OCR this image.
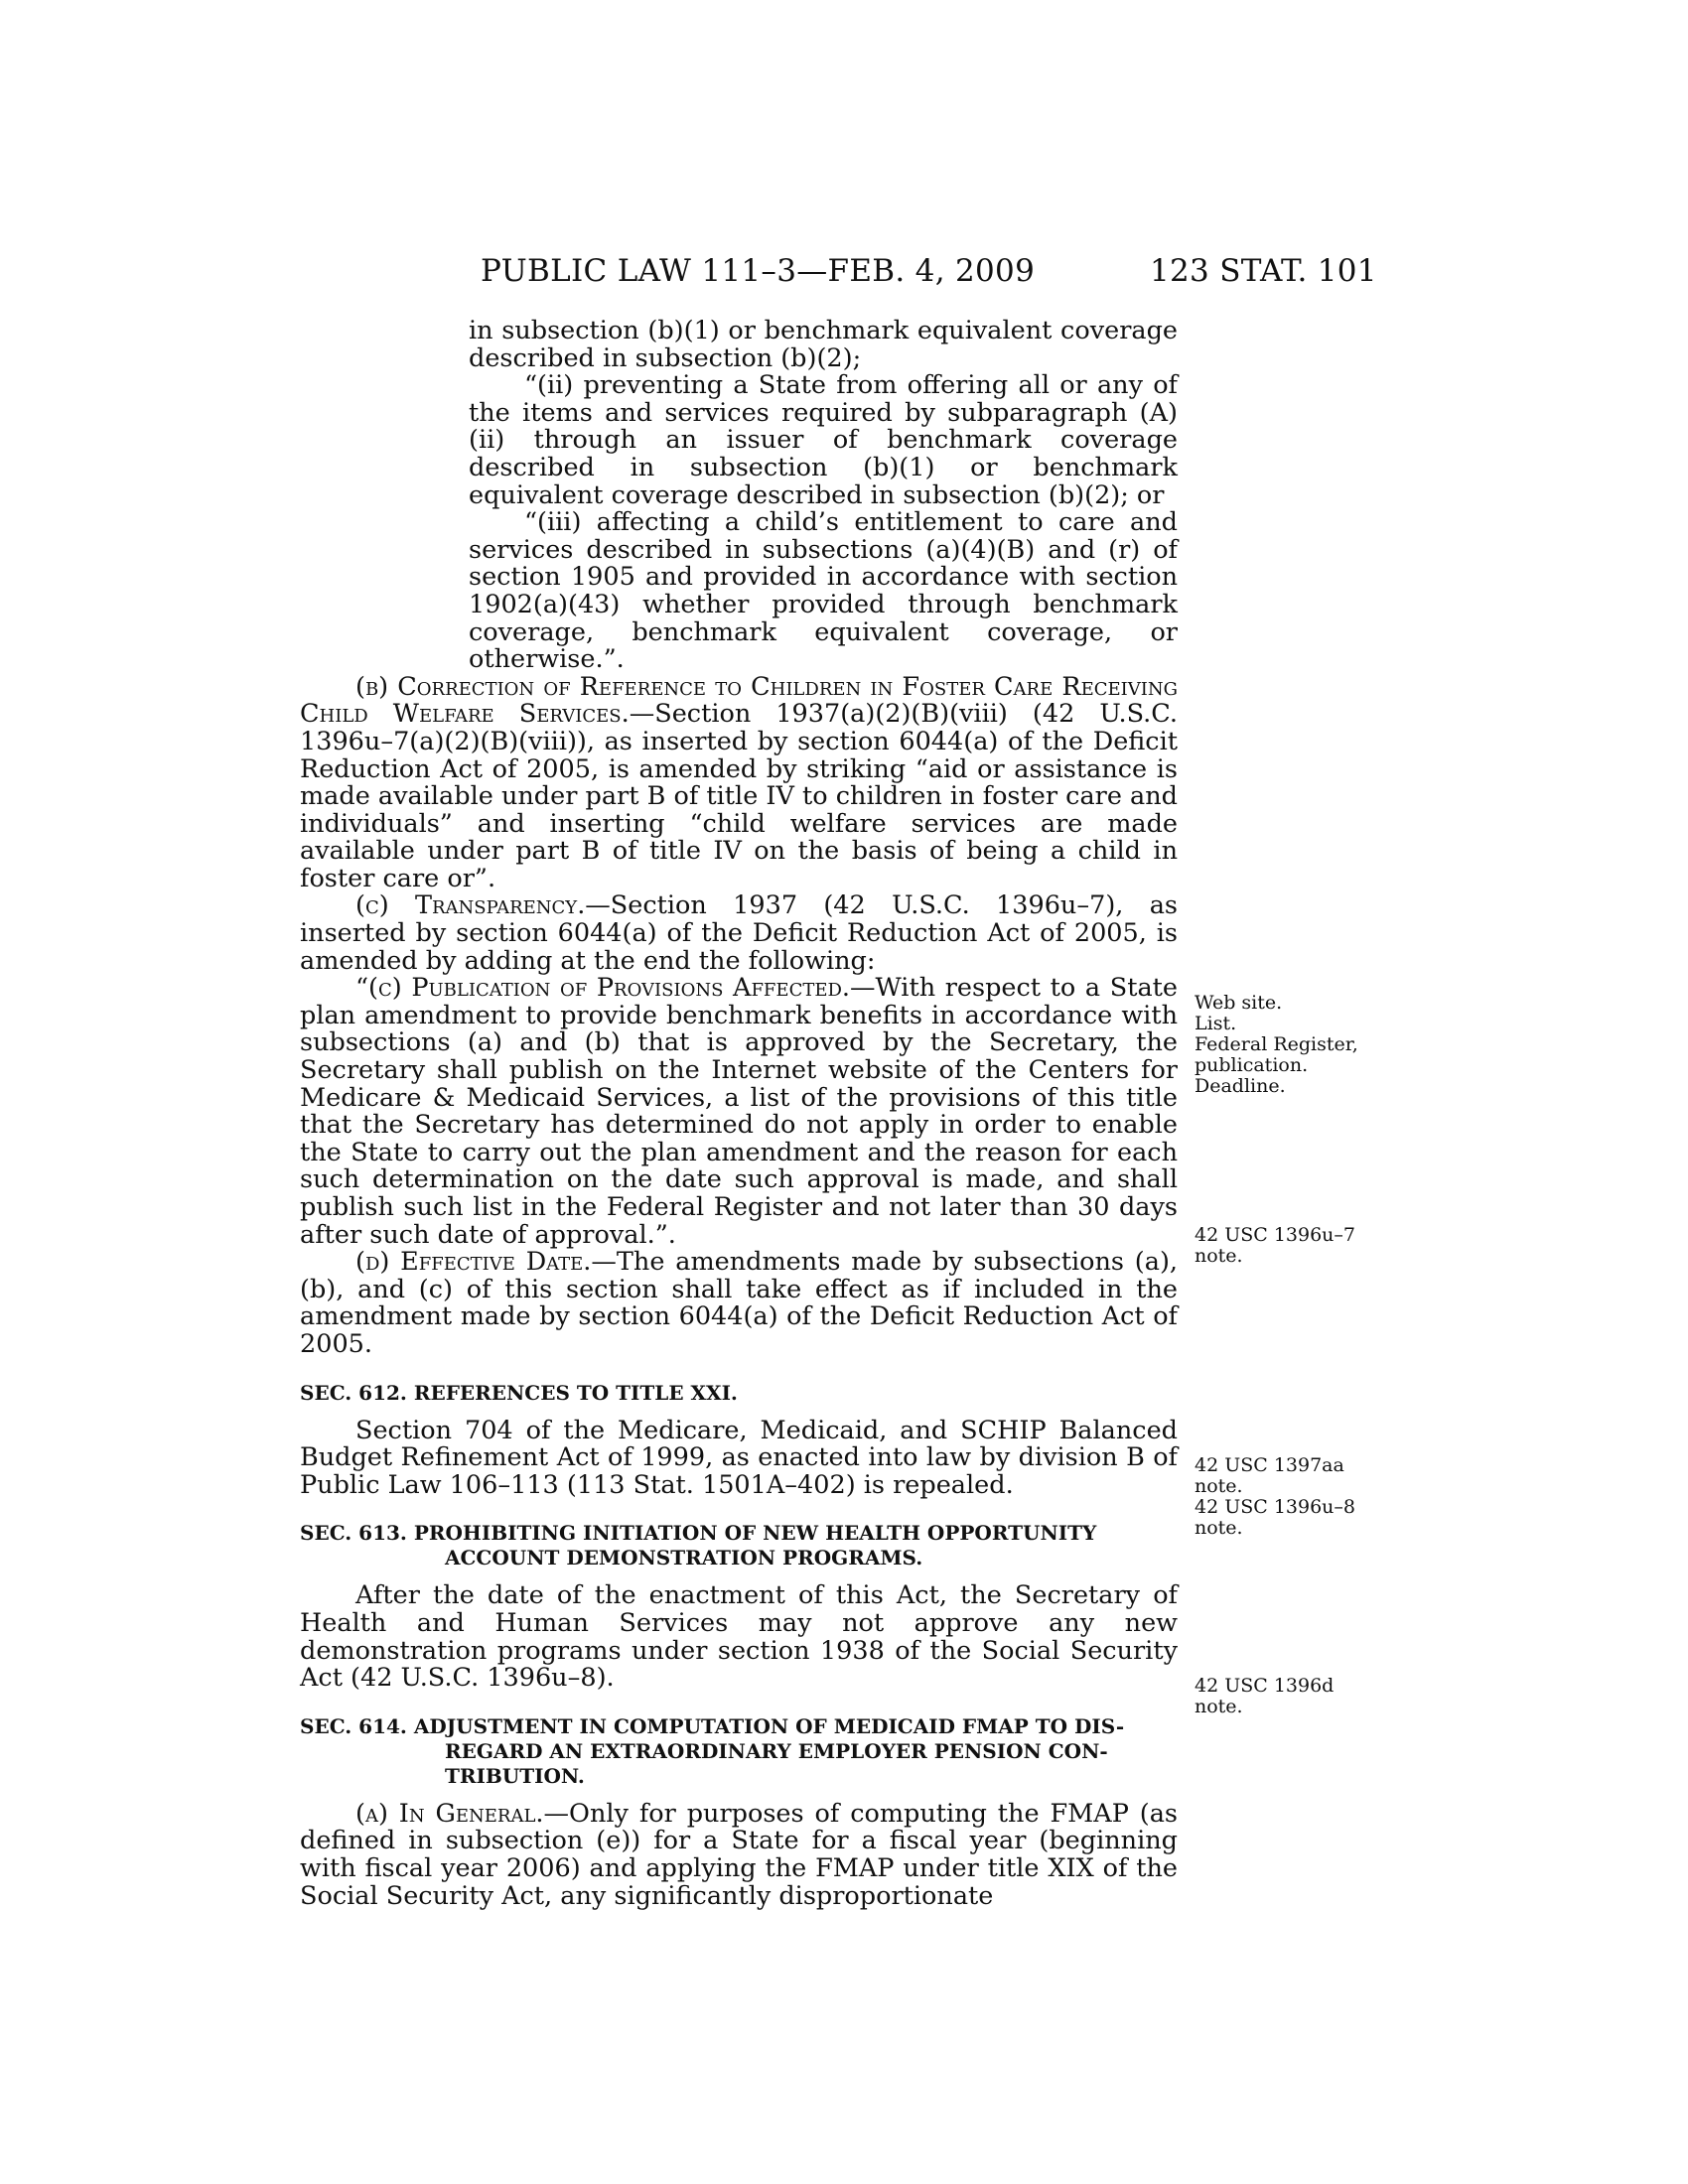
PUBLIC LAW 111–3—FEB. 4, 2009	123 STAT. 101

in subsection (b)(1) or benchmark equivalent coverage described in subsection (b)(2);

“(ii) preventing a State from offering all or any of the items and services required by subparagraph (A)(ii) through an issuer of benchmark coverage described in subsection (b)(1) or benchmark equivalent coverage described in subsection (b)(2); or

“(iii) affecting a child’s entitlement to care and services described in subsections (a)(4)(B) and (r) of section 1905 and provided in accordance with section 1902(a)(43) whether provided through benchmark coverage, benchmark equivalent coverage, or otherwise.”.

(b) Correction of Reference to Children in Foster Care Receiving Child Welfare Services.—Section 1937(a)(2)(B)(viii) (42 U.S.C. 1396u–7(a)(2)(B)(viii)), as inserted by section 6044(a) of the Deficit Reduction Act of 2005, is amended by striking “aid or assistance is made available under part B of title IV to children in foster care and individuals” and inserting “child welfare services are made available under part B of title IV on the basis of being a child in foster care or”.

(c) Transparency.—Section 1937 (42 U.S.C. 1396u–7), as inserted by section 6044(a) of the Deficit Reduction Act of 2005, is amended by adding at the end the following:

“(c) Publication of Provisions Affected.—With respect to a State plan amendment to provide benchmark benefits in accordance with subsections (a) and (b) that is approved by the Secretary, the Secretary shall publish on the Internet website of the Centers for Medicare & Medicaid Services, a list of the provisions of this title that the Secretary has determined do not apply in order to enable the State to carry out the plan amendment and the reason for each such determination on the date such approval is made, and shall publish such list in the Federal Register and not later than 30 days after such date of approval.”.

(d) Effective Date.—The amendments made by subsections (a), (b), and (c) of this section shall take effect as if included in the amendment made by section 6044(a) of the Deficit Reduction Act of 2005.

SEC. 612. REFERENCES TO TITLE XXI.

Section 704 of the Medicare, Medicaid, and SCHIP Balanced Budget Refinement Act of 1999, as enacted into law by division B of Public Law 106–113 (113 Stat. 1501A–402) is repealed.

SEC. 613. PROHIBITING INITIATION OF NEW HEALTH OPPORTUNITY
ACCOUNT DEMONSTRATION PROGRAMS.

After the date of the enactment of this Act, the Secretary of Health and Human Services may not approve any new demonstration programs under section 1938 of the Social Security Act (42 U.S.C. 1396u–8).

SEC. 614. ADJUSTMENT IN COMPUTATION OF MEDICAID FMAP TO DIS-
REGARD AN EXTRAORDINARY EMPLOYER PENSION CON-
TRIBUTION.

(a) In General.—Only for purposes of computing the FMAP (as defined in subsection (e)) for a State for a fiscal year (beginning with fiscal year 2006) and applying the FMAP under title XIX of the Social Security Act, any significantly disproportionate

Web site.
List.
Federal Register,
publication.
Deadline.
42 USC 1396u–7
note.
42 USC 1397aa
note.
42 USC 1396u–8
note.
42 USC 1396d
note.
